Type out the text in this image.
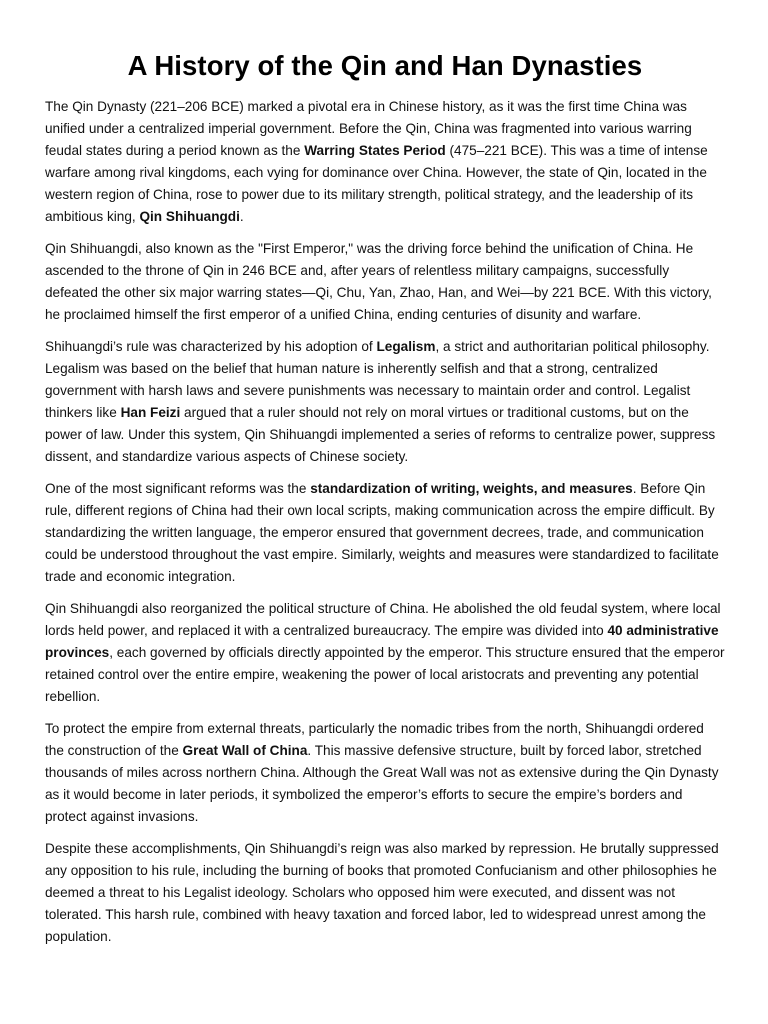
A History of the Qin and Han Dynasties

The Qin Dynasty (221–206 BCE) marked a pivotal era in Chinese history, as it was the first time China was unified under a centralized imperial government. Before the Qin, China was fragmented into various warring feudal states during a period known as the Warring States Period (475–221 BCE). This was a time of intense warfare among rival kingdoms, each vying for dominance over China. However, the state of Qin, located in the western region of China, rose to power due to its military strength, political strategy, and the leadership of its ambitious king, Qin Shihuangdi.

Qin Shihuangdi, also known as the "First Emperor," was the driving force behind the unification of China. He ascended to the throne of Qin in 246 BCE and, after years of relentless military campaigns, successfully defeated the other six major warring states—Qi, Chu, Yan, Zhao, Han, and Wei—by 221 BCE. With this victory, he proclaimed himself the first emperor of a unified China, ending centuries of disunity and warfare.

Shihuangdi’s rule was characterized by his adoption of Legalism, a strict and authoritarian political philosophy. Legalism was based on the belief that human nature is inherently selfish and that a strong, centralized government with harsh laws and severe punishments was necessary to maintain order and control. Legalist thinkers like Han Feizi argued that a ruler should not rely on moral virtues or traditional customs, but on the power of law. Under this system, Qin Shihuangdi implemented a series of reforms to centralize power, suppress dissent, and standardize various aspects of Chinese society.

One of the most significant reforms was the standardization of writing, weights, and measures. Before Qin rule, different regions of China had their own local scripts, making communication across the empire difficult. By standardizing the written language, the emperor ensured that government decrees, trade, and communication could be understood throughout the vast empire. Similarly, weights and measures were standardized to facilitate trade and economic integration.

Qin Shihuangdi also reorganized the political structure of China. He abolished the old feudal system, where local lords held power, and replaced it with a centralized bureaucracy. The empire was divided into 40 administrative provinces, each governed by officials directly appointed by the emperor. This structure ensured that the emperor retained control over the entire empire, weakening the power of local aristocrats and preventing any potential rebellion.

To protect the empire from external threats, particularly the nomadic tribes from the north, Shihuangdi ordered the construction of the Great Wall of China. This massive defensive structure, built by forced labor, stretched thousands of miles across northern China. Although the Great Wall was not as extensive during the Qin Dynasty as it would become in later periods, it symbolized the emperor’s efforts to secure the empire’s borders and protect against invasions.

Despite these accomplishments, Qin Shihuangdi’s reign was also marked by repression. He brutally suppressed any opposition to his rule, including the burning of books that promoted Confucianism and other philosophies he deemed a threat to his Legalist ideology. Scholars who opposed him were executed, and dissent was not tolerated. This harsh rule, combined with heavy taxation and forced labor, led to widespread unrest among the population.
